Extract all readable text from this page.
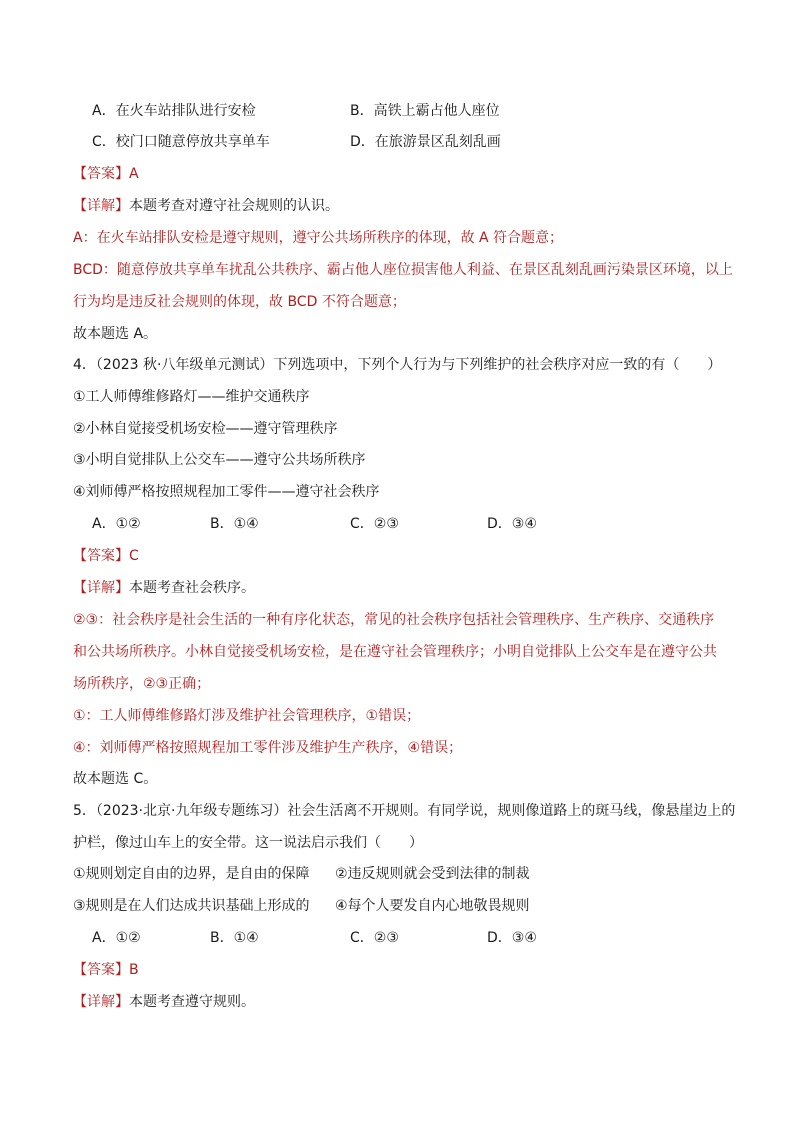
A．在火车站排队进行安检	B．高铁上霸占他人座位
C．校门口随意停放共享单车	D．在旅游景区乱刻乱画
【答案】A
【详解】本题考查对遵守社会规则的认识。
A：在火车站排队安检是遵守规则，遵守公共场所秩序的体现，故 A 符合题意；
BCD：随意停放共享单车扰乱公共秩序、霸占他人座位损害他人利益、在景区乱刻乱画污染景区环境，以上
行为均是违反社会规则的体现，故 BCD 不符合题意；
故本题选 A。
4．（2023 秋·八年级单元测试）下列选项中，下列个人行为与下列维护的社会秩序对应一致的有（　　）
①工人师傅维修路灯——维护交通秩序
②小林自觉接受机场安检——遵守管理秩序
③小明自觉排队上公交车——遵守公共场所秩序
④刘师傅严格按照规程加工零件——遵守社会秩序
A．①②	B．①④	C．②③	D．③④
【答案】C
【详解】本题考查社会秩序。
②③：社会秩序是社会生活的一种有序化状态，常见的社会秩序包括社会管理秩序、生产秩序、交通秩序
和公共场所秩序。小林自觉接受机场安检，是在遵守社会管理秩序；小明自觉排队上公交车是在遵守公共
场所秩序，②③正确；
①：工人师傅维修路灯涉及维护社会管理秩序，①错误；
④：刘师傅严格按照规程加工零件涉及维护生产秩序，④错误；
故本题选 C。
5．（2023·北京·九年级专题练习）社会生活离不开规则。有同学说，规则像道路上的斑马线，像悬崖边上的
护栏，像过山车上的安全带。这一说法启示我们（　　）
①规则划定自由的边界，是自由的保障 ②违反规则就会受到法律的制裁
③规则是在人们达成共识基础上形成的 ④每个人要发自内心地敬畏规则
A．①②	B．①④	C．②③	D．③④
【答案】B
【详解】本题考查遵守规则。
